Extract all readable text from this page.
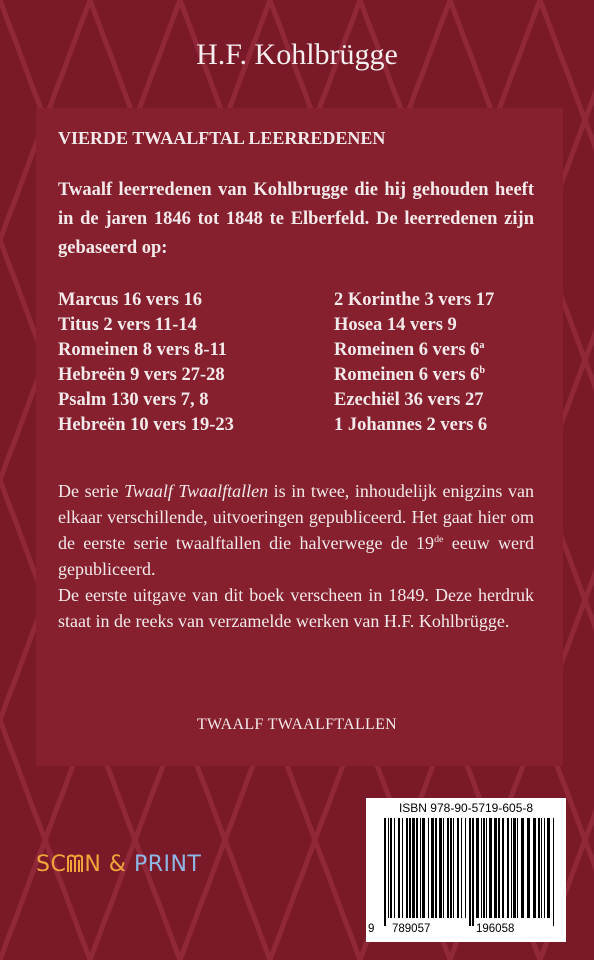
H.F. Kohlbrügge
VIERDE TWAALFTAL LEERREDENEN
Twaalf leerredenen van Kohlbrugge die hij gehouden heeft in de jaren 1846 tot 1848 te Elberfeld. De leerredenen zijn gebaseerd op:
Marcus 16 vers 16	2 Korinthe 3 vers 17
Titus 2 vers 11-14	Hosea 14 vers 9
Romeinen 8 vers 8-11	Romeinen 6 vers 6$^a$
Hebreën 9 vers 27-28	Romeinen 6 vers 6$^b$
Psalm 130 vers 7, 8	Ezechiël 36 vers 27
Hebreën 10 vers 19-23	1 Johannes 2 vers 6
De serie Twaalf Twaalftallen is in twee, inhoudelijk enigzins van elkaar verschillende, uitvoeringen gepubliceerd. Het gaat hier om de eerste serie twaalftallen die halverwege de 19de eeuw werd gepubliceerd.
De eerste uitgave van dit boek verscheen in 1849. Deze herdruk staat in de reeks van verzamelde werken van H.F. Kohlbrügge.
TWAALF TWAALFTALLEN
SC N & PRINT
ISBN 978-90-5719-605-8
9 789057	196058
